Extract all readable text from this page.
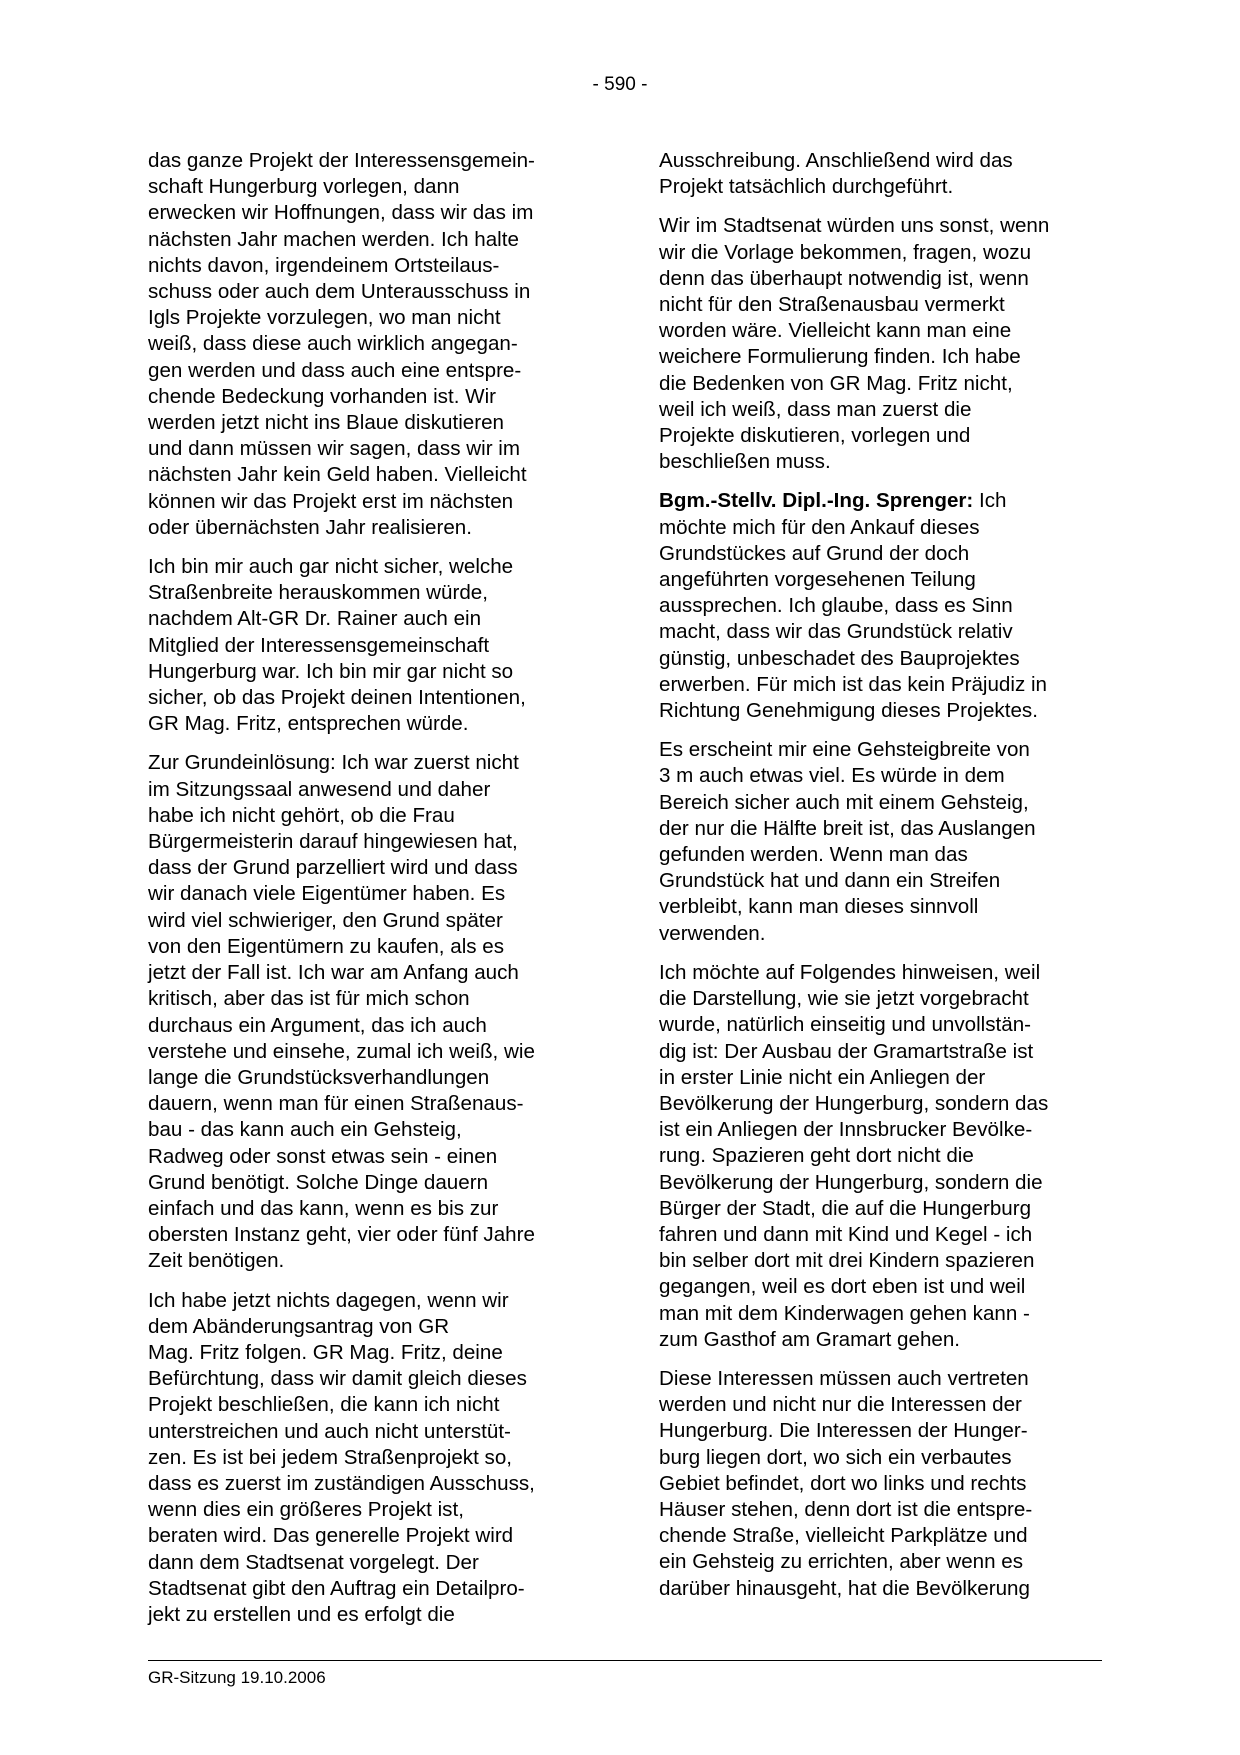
- 590 -

das ganze Projekt der Interessensgemein-
schaft Hungerburg vorlegen, dann
erwecken wir Hoffnungen, dass wir das im
nächsten Jahr machen werden. Ich halte
nichts davon, irgendeinem Ortsteilaus-
schuss oder auch dem Unterausschuss in
Igls Projekte vorzulegen, wo man nicht
weiß, dass diese auch wirklich angegan-
gen werden und dass auch eine entspre-
chende Bedeckung vorhanden ist. Wir
werden jetzt nicht ins Blaue diskutieren
und dann müssen wir sagen, dass wir im
nächsten Jahr kein Geld haben. Vielleicht
können wir das Projekt erst im nächsten
oder übernächsten Jahr realisieren.

Ich bin mir auch gar nicht sicher, welche
Straßenbreite herauskommen würde,
nachdem Alt-GR Dr. Rainer auch ein
Mitglied der Interessensgemeinschaft
Hungerburg war. Ich bin mir gar nicht so
sicher, ob das Projekt deinen Intentionen,
GR Mag. Fritz, entsprechen würde.

Zur Grundeinlösung: Ich war zuerst nicht
im Sitzungssaal anwesend und daher
habe ich nicht gehört, ob die Frau
Bürgermeisterin darauf hingewiesen hat,
dass der Grund parzelliert wird und dass
wir danach viele Eigentümer haben. Es
wird viel schwieriger, den Grund später
von den Eigentümern zu kaufen, als es
jetzt der Fall ist. Ich war am Anfang auch
kritisch, aber das ist für mich schon
durchaus ein Argument, das ich auch
verstehe und einsehe, zumal ich weiß, wie
lange die Grundstücksverhandlungen
dauern, wenn man für einen Straßenaus-
bau - das kann auch ein Gehsteig,
Radweg oder sonst etwas sein - einen
Grund benötigt. Solche Dinge dauern
einfach und das kann, wenn es bis zur
obersten Instanz geht, vier oder fünf Jahre
Zeit benötigen.

Ich habe jetzt nichts dagegen, wenn wir
dem Abänderungsantrag von GR
Mag. Fritz folgen. GR Mag. Fritz, deine
Befürchtung, dass wir damit gleich dieses
Projekt beschließen, die kann ich nicht
unterstreichen und auch nicht unterstüt-
zen. Es ist bei jedem Straßenprojekt so,
dass es zuerst im zuständigen Ausschuss,
wenn dies ein größeres Projekt ist,
beraten wird. Das generelle Projekt wird
dann dem Stadtsenat vorgelegt. Der
Stadtsenat gibt den Auftrag ein Detailpro-
jekt zu erstellen und es erfolgt die

Ausschreibung. Anschließend wird das
Projekt tatsächlich durchgeführt.

Wir im Stadtsenat würden uns sonst, wenn
wir die Vorlage bekommen, fragen, wozu
denn das überhaupt notwendig ist, wenn
nicht für den Straßenausbau vermerkt
worden wäre. Vielleicht kann man eine
weichere Formulierung finden. Ich habe
die Bedenken von GR Mag. Fritz nicht,
weil ich weiß, dass man zuerst die
Projekte diskutieren, vorlegen und
beschließen muss.

Bgm.-Stellv. Dipl.-Ing. Sprenger: Ich
möchte mich für den Ankauf dieses
Grundstückes auf Grund der doch
angeführten vorgesehenen Teilung
aussprechen. Ich glaube, dass es Sinn
macht, dass wir das Grundstück relativ
günstig, unbeschadet des Bauprojektes
erwerben. Für mich ist das kein Präjudiz in
Richtung Genehmigung dieses Projektes.

Es erscheint mir eine Gehsteigbreite von
3 m auch etwas viel. Es würde in dem
Bereich sicher auch mit einem Gehsteig,
der nur die Hälfte breit ist, das Auslangen
gefunden werden. Wenn man das
Grundstück hat und dann ein Streifen
verbleibt, kann man dieses sinnvoll
verwenden.

Ich möchte auf Folgendes hinweisen, weil
die Darstellung, wie sie jetzt vorgebracht
wurde, natürlich einseitig und unvollstän-
dig ist: Der Ausbau der Gramartstraße ist
in erster Linie nicht ein Anliegen der
Bevölkerung der Hungerburg, sondern das
ist ein Anliegen der Innsbrucker Bevölke-
rung. Spazieren geht dort nicht die
Bevölkerung der Hungerburg, sondern die
Bürger der Stadt, die auf die Hungerburg
fahren und dann mit Kind und Kegel - ich
bin selber dort mit drei Kindern spazieren
gegangen, weil es dort eben ist und weil
man mit dem Kinderwagen gehen kann -
zum Gasthof am Gramart gehen.

Diese Interessen müssen auch vertreten
werden und nicht nur die Interessen der
Hungerburg. Die Interessen der Hunger-
burg liegen dort, wo sich ein verbautes
Gebiet befindet, dort wo links und rechts
Häuser stehen, denn dort ist die entspre-
chende Straße, vielleicht Parkplätze und
ein Gehsteig zu errichten, aber wenn es
darüber hinausgeht, hat die Bevölkerung

GR-Sitzung 19.10.2006
